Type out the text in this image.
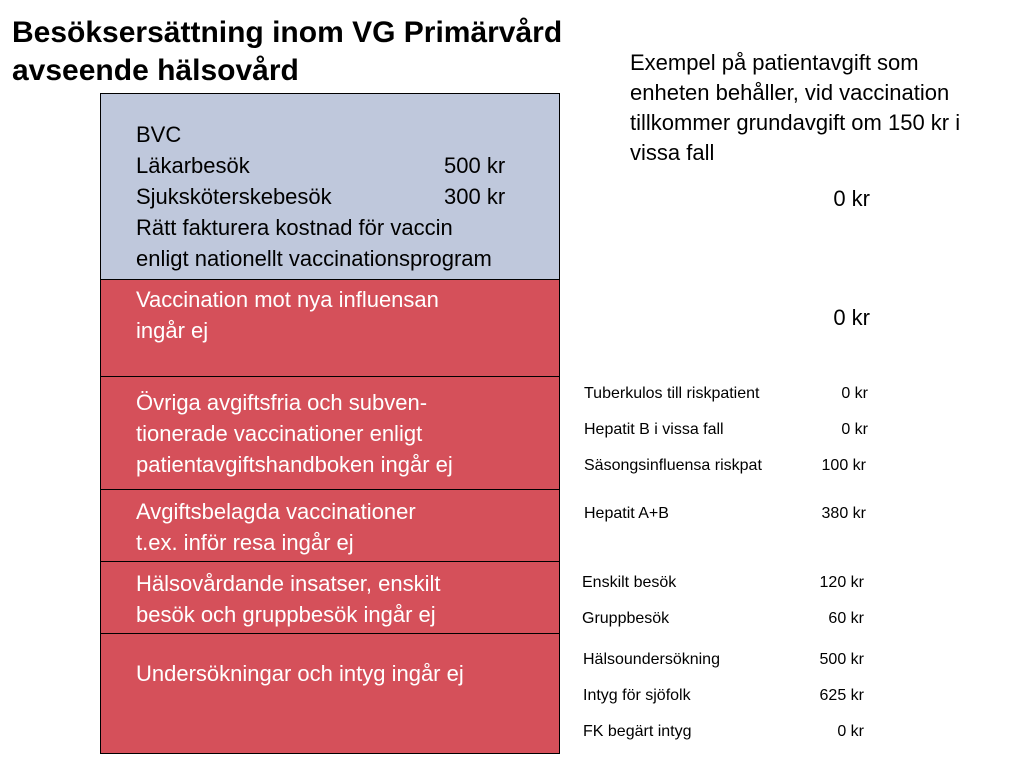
Besöksersättning inom VG Primärvård
avseende hälsovård	Exempel på patientavgift som
enheten behåller, vid vaccination
tillkommer grundavgift om 150 kr i
vissa fall
BVC
Läkarbesök	500 kr
Sjuksköterskebesök	300 kr
Rätt fakturera kostnad för vaccin
enligt nationellt vaccinationsprogram
0 kr
Vaccination mot nya influensan
ingår ej
0 kr
Övriga avgiftsfria och subven-
tionerade vaccinationer enligt
patientavgiftshandboken ingår ej
Tuberkulos till riskpatient	0 kr
Hepatit B i vissa fall	0 kr
Säsongsinfluensa riskpat	100 kr
Avgiftsbelagda vaccinationer
t.ex. inför resa ingår ej
Hepatit A+B	380 kr
Hälsovårdande insatser, enskilt
besök och gruppbesök ingår ej
Enskilt besök	120 kr
Gruppbesök	60 kr
Undersökningar och intyg ingår ej
Hälsoundersökning	500 kr
Intyg för sjöfolk	625 kr
FK begärt intyg	0 kr
